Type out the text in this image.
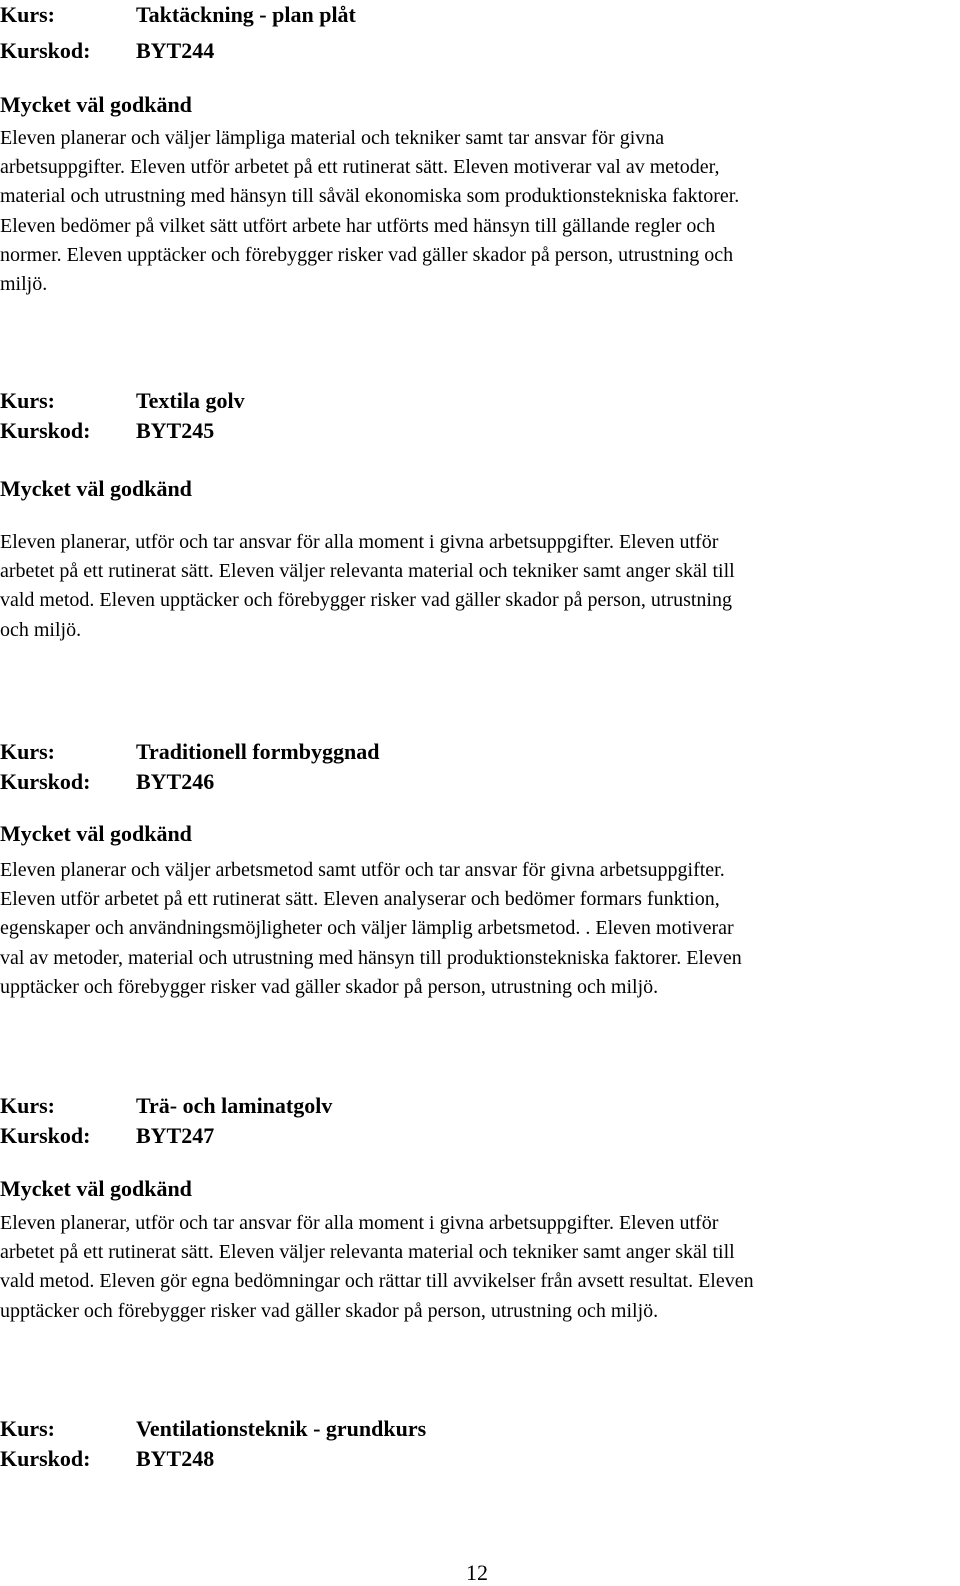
Kurs:	Taktäckning - plan plåt
Kurskod: BYT244
Mycket väl godkänd
Eleven planerar och väljer lämpliga material och tekniker samt tar ansvar för givna
arbetsuppgifter. Eleven utför arbetet på ett rutinerat sätt. Eleven motiverar val av metoder,
material och utrustning med hänsyn till såväl ekonomiska som produktionstekniska faktorer.
Eleven bedömer på vilket sätt utfört arbete har utförts med hänsyn till gällande regler och
normer. Eleven upptäcker och förebygger risker vad gäller skador på person, utrustning och
miljö.
Kurs:	Textila golv
Kurskod: BYT245
Mycket väl godkänd
Eleven planerar, utför och tar ansvar för alla moment i givna arbetsuppgifter. Eleven utför
arbetet på ett rutinerat sätt. Eleven väljer relevanta material och tekniker samt anger skäl till
vald metod. Eleven upptäcker och förebygger risker vad gäller skador på person, utrustning
och miljö.
Kurs:	Traditionell formbyggnad
Kurskod: BYT246
Mycket väl godkänd
Eleven planerar och väljer arbetsmetod samt utför och tar ansvar för givna arbetsuppgifter.
Eleven utför arbetet på ett rutinerat sätt. Eleven analyserar och bedömer formars funktion,
egenskaper och användningsmöjligheter och väljer lämplig arbetsmetod. . Eleven motiverar
val av metoder, material och utrustning med hänsyn till produktionstekniska faktorer. Eleven
upptäcker och förebygger risker vad gäller skador på person, utrustning och miljö.
Kurs:	Trä- och laminatgolv
Kurskod: BYT247
Mycket väl godkänd
Eleven planerar, utför och tar ansvar för alla moment i givna arbetsuppgifter. Eleven utför
arbetet på ett rutinerat sätt. Eleven väljer relevanta material och tekniker samt anger skäl till
vald metod. Eleven gör egna bedömningar och rättar till avvikelser från avsett resultat. Eleven
upptäcker och förebygger risker vad gäller skador på person, utrustning och miljö.
Kurs:	Ventilationsteknik - grundkurs
Kurskod: BYT248
12
